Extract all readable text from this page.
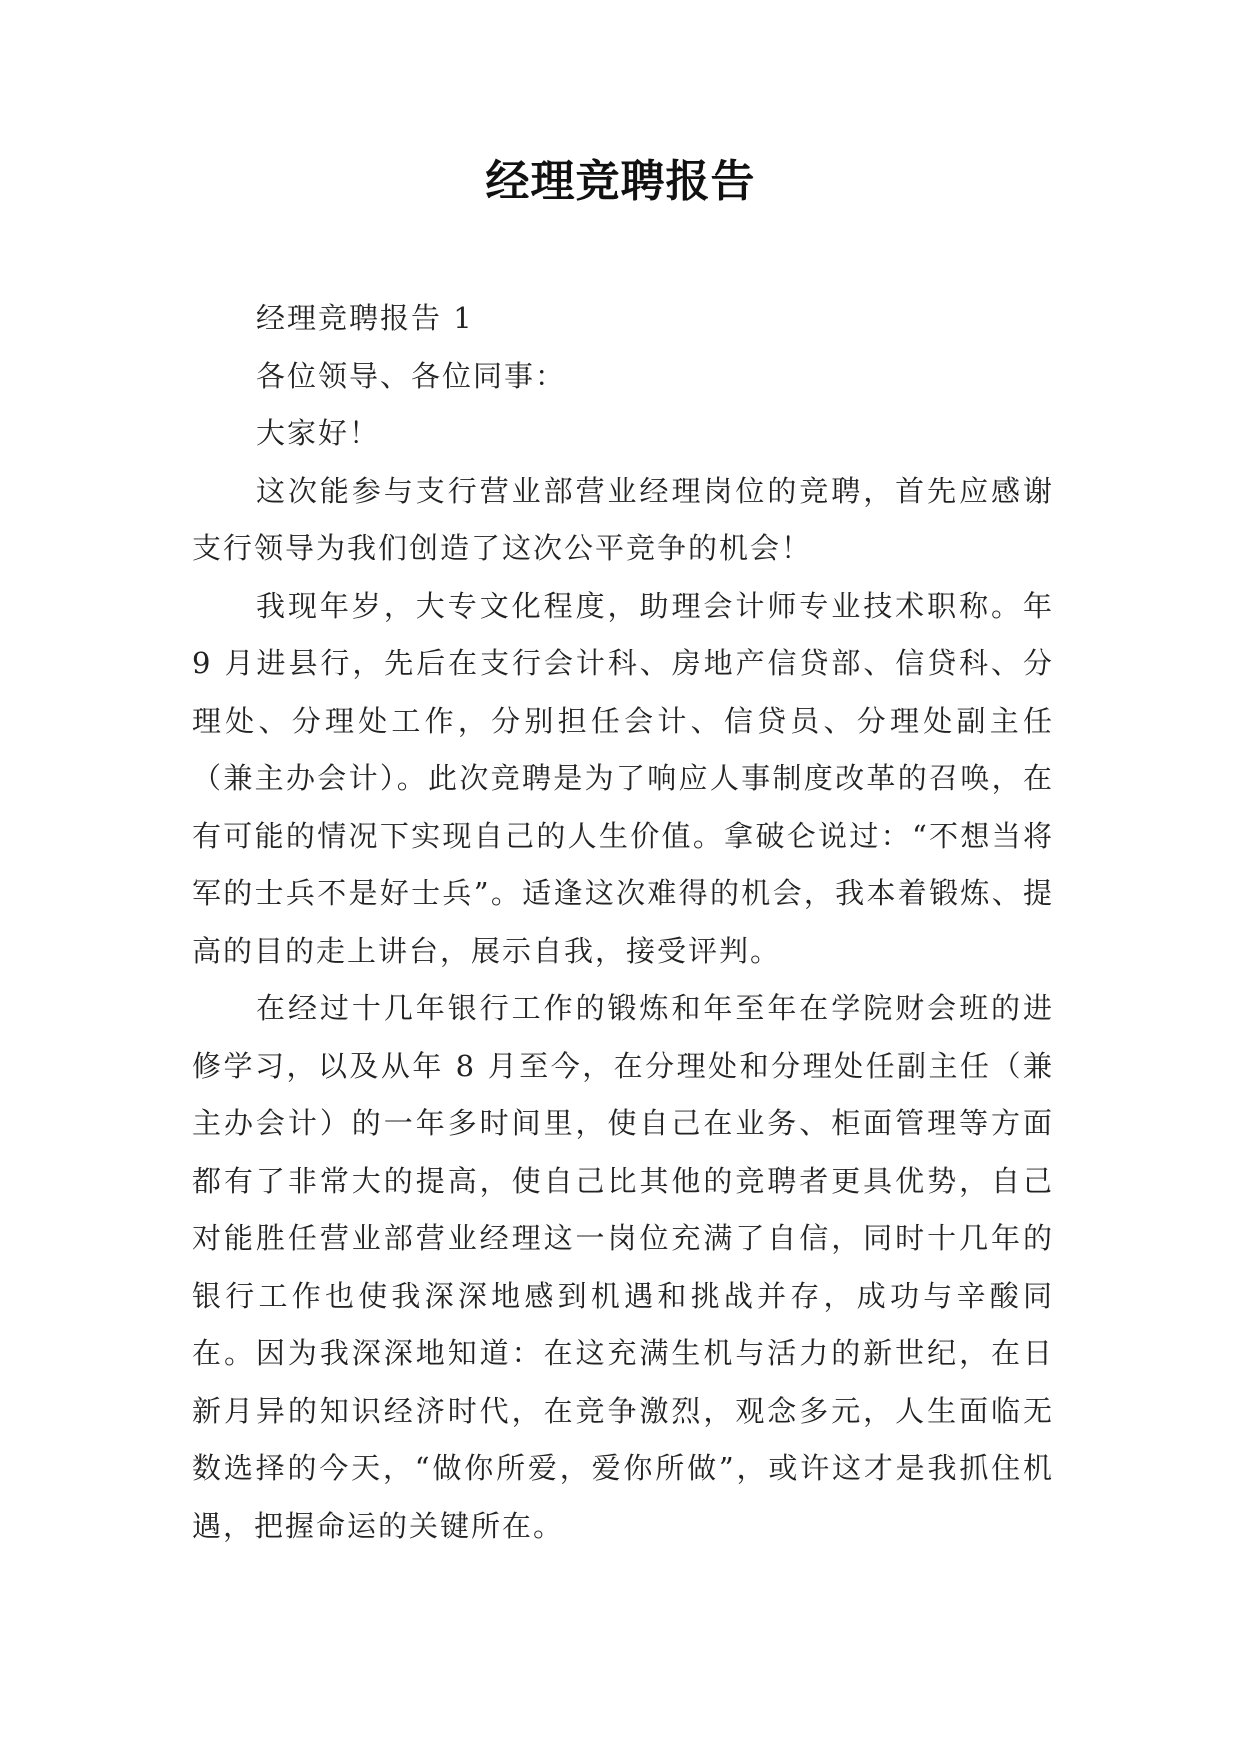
经理竞聘报告

经理竞聘报告 1

各位领导、各位同事：

大家好！

这次能参与支行营业部营业经理岗位的竞聘，首先应感谢支行领导为我们创造了这次公平竞争的机会！

我现年岁，大专文化程度，助理会计师专业技术职称。年 9 月进县行，先后在支行会计科、房地产信贷部、信贷科、分理处、分理处工作，分别担任会计、信贷员、分理处副主任（兼主办会计）。此次竞聘是为了响应人事制度改革的召唤，在有可能的情况下实现自己的人生价值。拿破仑说过：“不想当将军的士兵不是好士兵”。适逢这次难得的机会，我本着锻炼、提高的目的走上讲台，展示自我，接受评判。

在经过十几年银行工作的锻炼和年至年在学院财会班的进修学习，以及从年 8 月至今，在分理处和分理处任副主任（兼主办会计）的一年多时间里，使自己在业务、柜面管理等方面都有了非常大的提高，使自己比其他的竞聘者更具优势，自己对能胜任营业部营业经理这一岗位充满了自信，同时十几年的银行工作也使我深深地感到机遇和挑战并存，成功与辛酸同在。因为我深深地知道：在这充满生机与活力的新世纪，在日新月异的知识经济时代，在竞争激烈，观念多元，人生面临无数选择的今天，“做你所爱，爱你所做”，或许这才是我抓住机遇，把握命运的关键所在。
